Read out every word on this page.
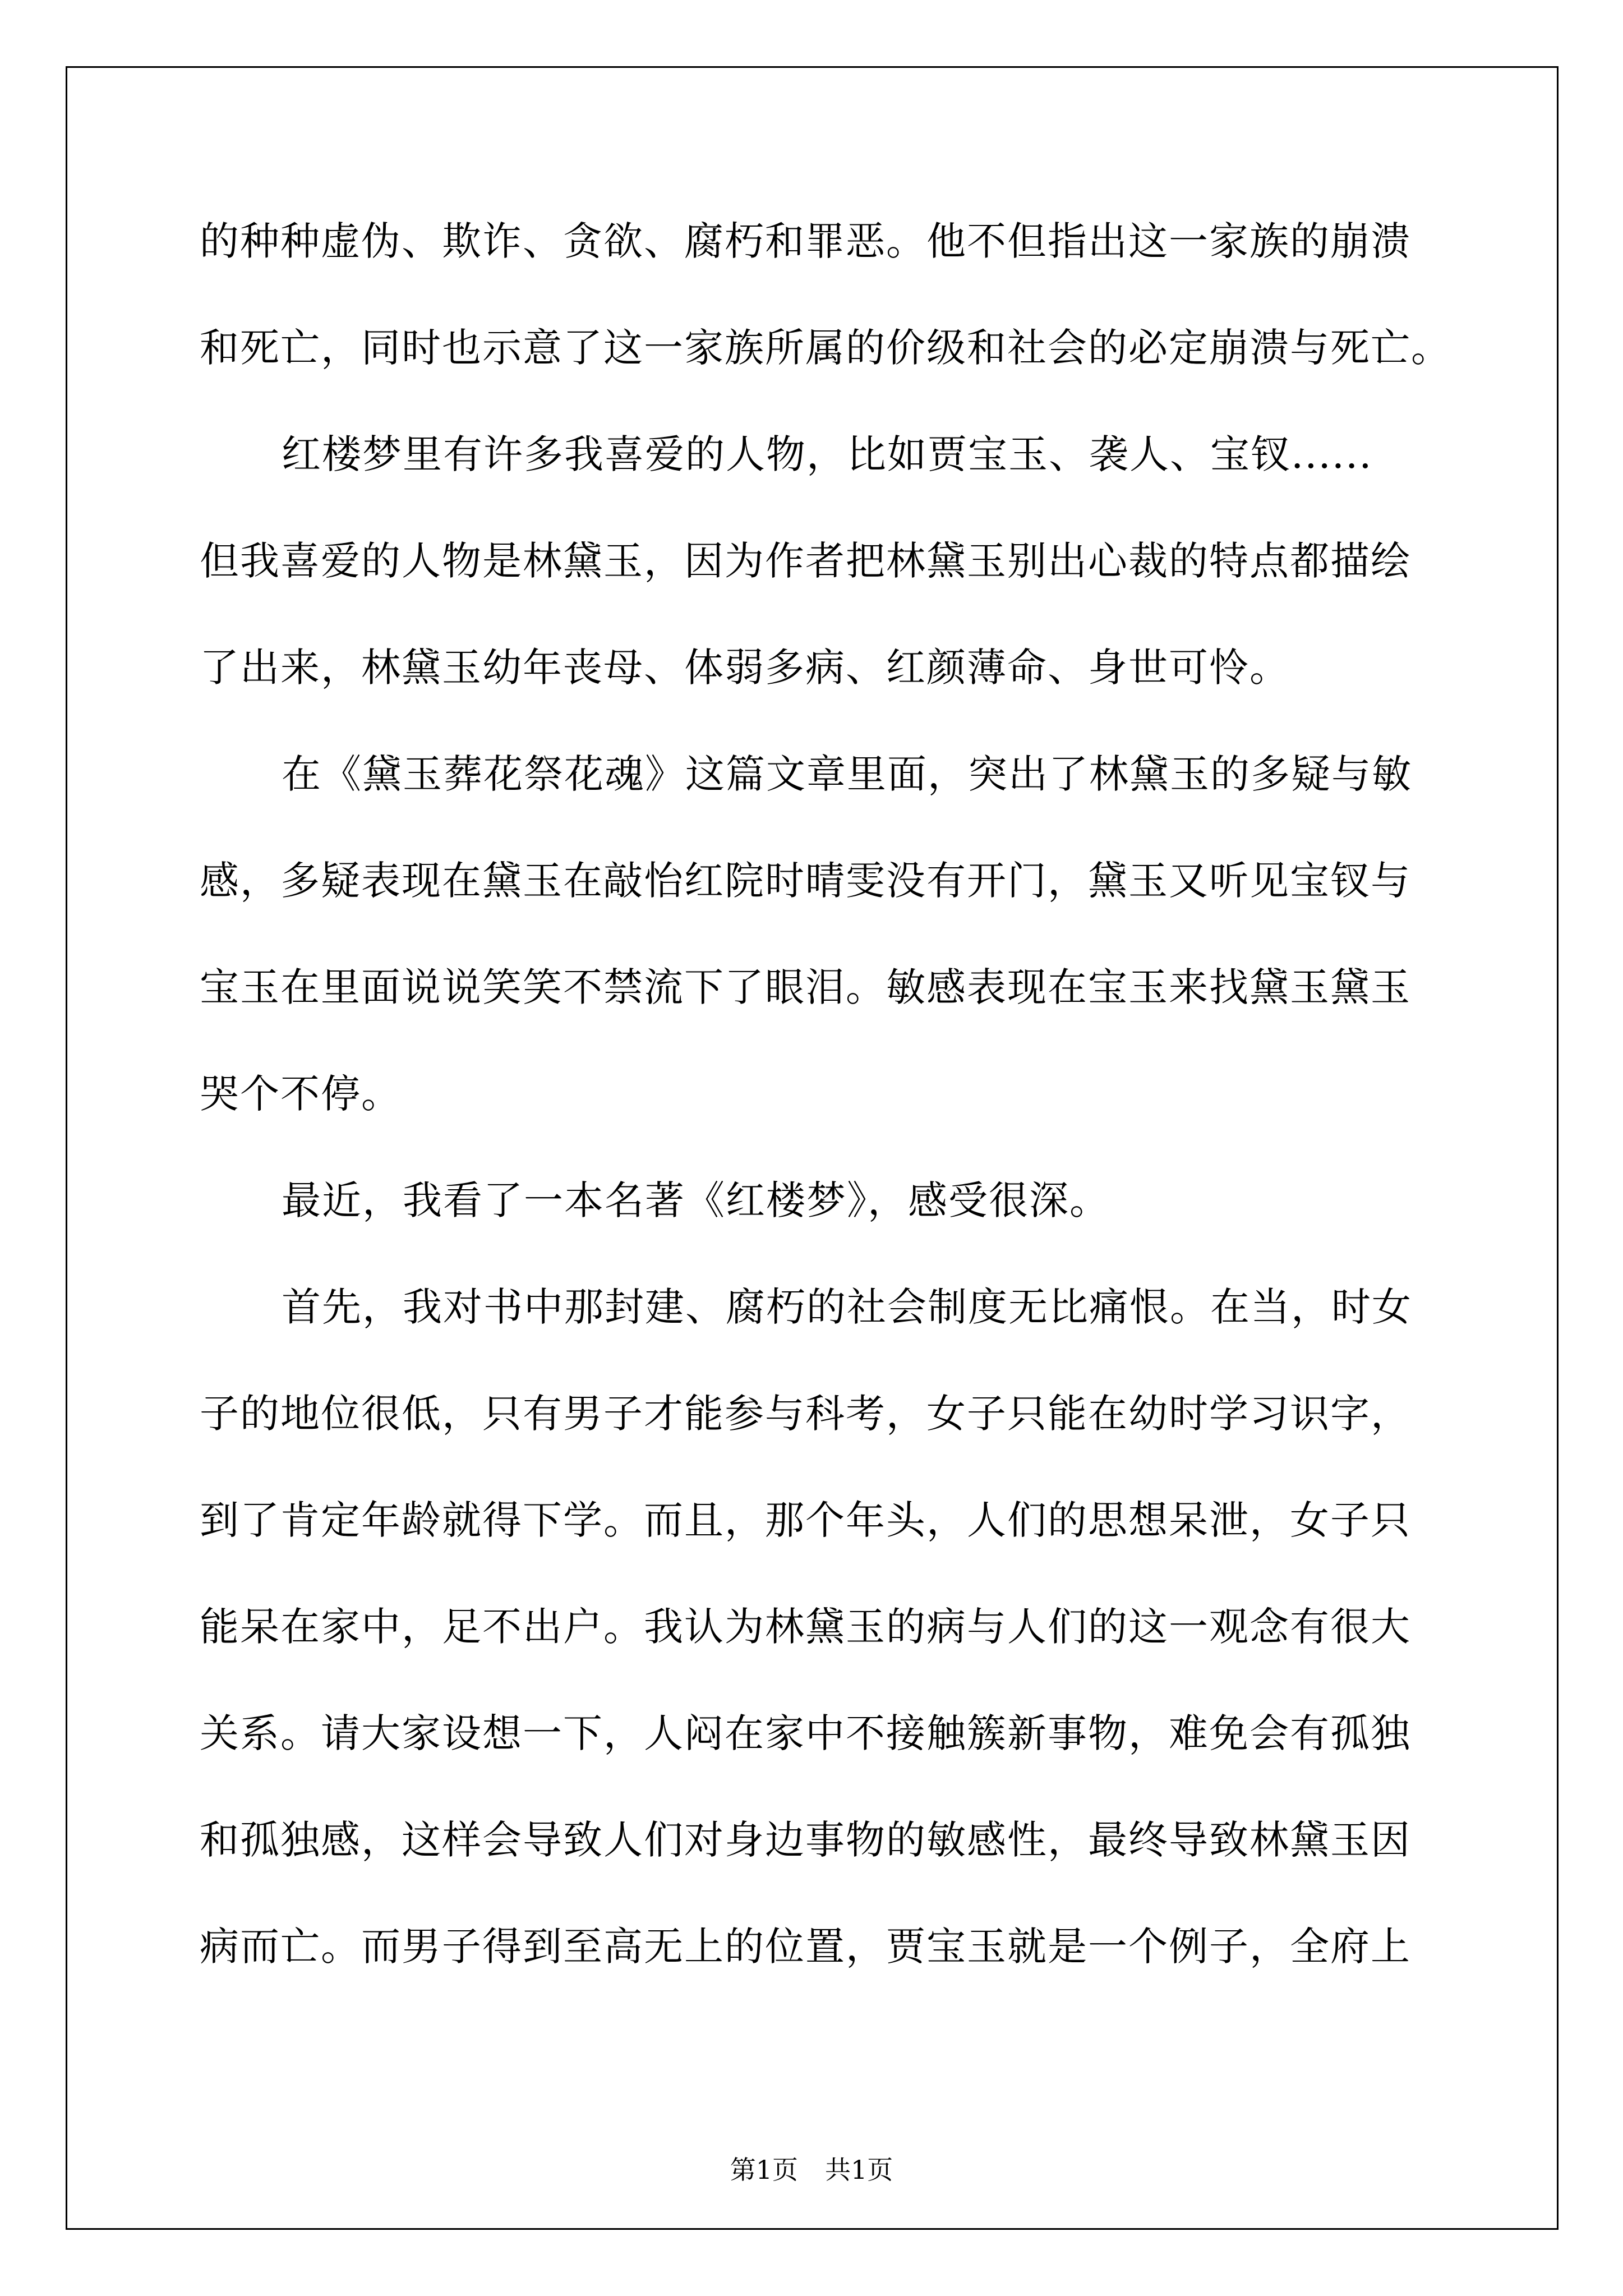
的种种虚伪、欺诈、贪欲、腐朽和罪恶。他不但指出这一家族的崩溃
和死亡，同时也示意了这一家族所属的价级和社会的必定崩溃与死亡。
红楼梦里有许多我喜爱的人物，比如贾宝玉、袭人、宝钗......
但我喜爱的人物是林黛玉，因为作者把林黛玉别出心裁的特点都描绘
了出来，林黛玉幼年丧母、体弱多病、红颜薄命、身世可怜。
在《黛玉葬花祭花魂》这篇文章里面，突出了林黛玉的多疑与敏
感，多疑表现在黛玉在敲怡红院时晴雯没有开门，黛玉又听见宝钗与
宝玉在里面说说笑笑不禁流下了眼泪。敏感表现在宝玉来找黛玉黛玉
哭个不停。
最近，我看了一本名著《红楼梦》，感受很深。
首先，我对书中那封建、腐朽的社会制度无比痛恨。在当，时女
子的地位很低，只有男子才能参与科考，女子只能在幼时学习识字，
到了肯定年龄就得下学。而且，那个年头，人们的思想呆泄，女子只
能呆在家中，足不出户。我认为林黛玉的病与人们的这一观念有很大
关系。请大家设想一下，人闷在家中不接触簇新事物，难免会有孤独
和孤独感，这样会导致人们对身边事物的敏感性，最终导致林黛玉因
病而亡。而男子得到至高无上的位置，贾宝玉就是一个例子，全府上
第1页 共1页
